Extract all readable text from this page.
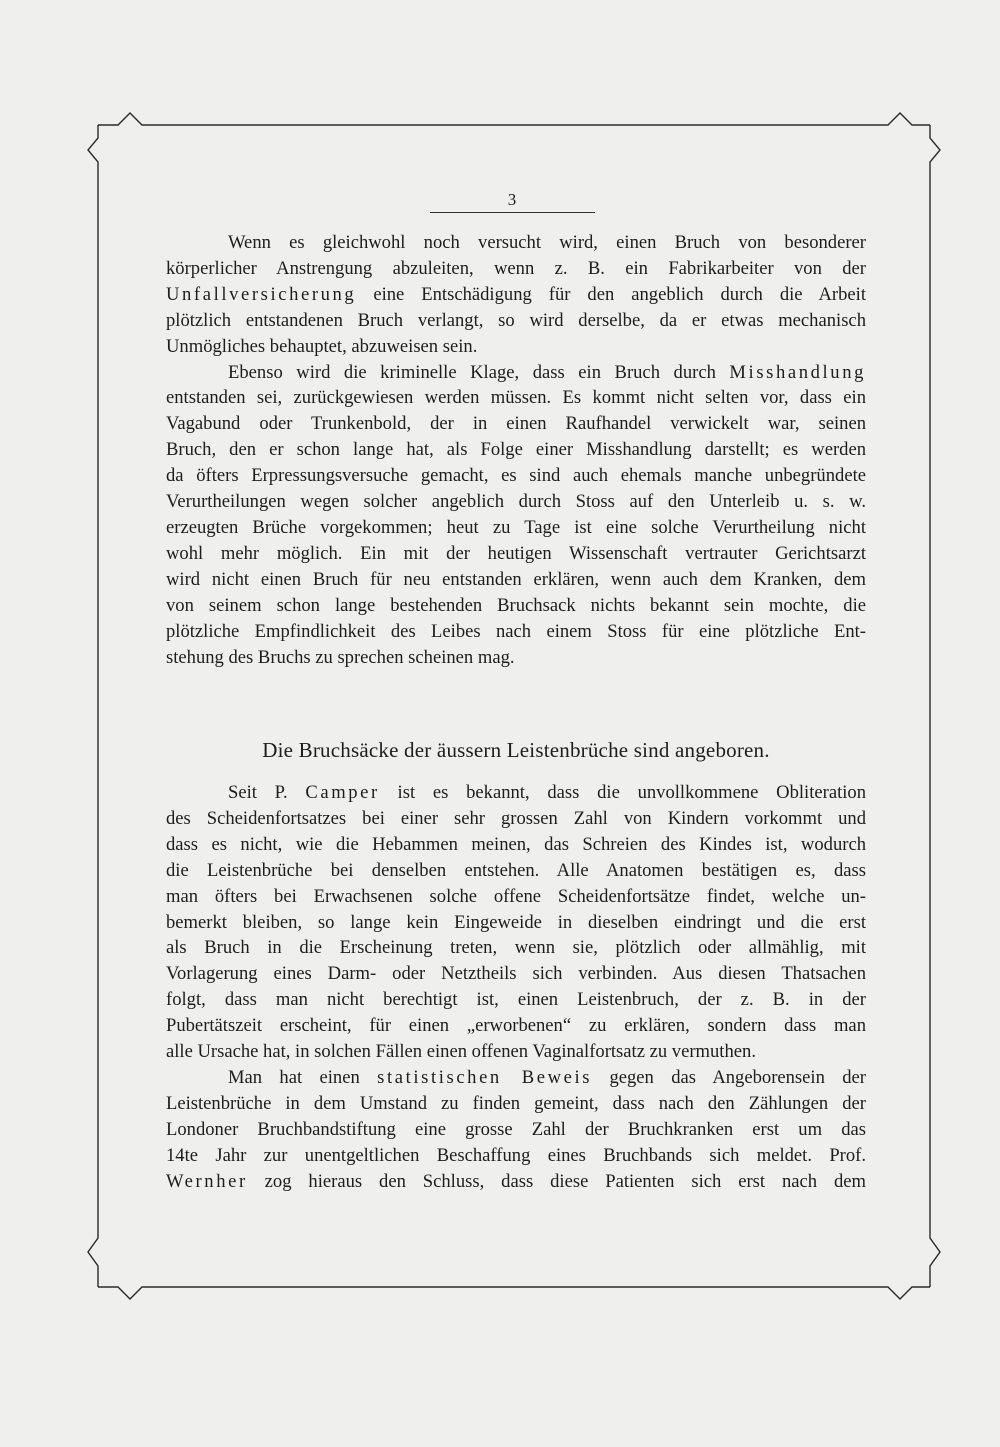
3

Wenn es gleichwohl noch versucht wird, einen Bruch von besonderer
körperlicher Anstrengung abzuleiten, wenn z. B. ein Fabrikarbeiter von der
Unfallversicherung eine Entschädigung für den angeblich durch die Arbeit
plötzlich entstandenen Bruch verlangt, so wird derselbe, da er etwas mechanisch
Unmögliches behauptet, abzuweisen sein.

Ebenso wird die kriminelle Klage, dass ein Bruch durch Misshandlung
entstanden sei, zurückgewiesen werden müssen. Es kommt nicht selten vor, dass ein
Vagabund oder Trunkenbold, der in einen Raufhandel verwickelt war, seinen
Bruch, den er schon lange hat, als Folge einer Misshandlung darstellt; es werden
da öfters Erpressungsversuche gemacht, es sind auch ehemals manche unbegründete
Verurtheilungen wegen solcher angeblich durch Stoss auf den Unterleib u. s. w.
erzeugten Brüche vorgekommen; heut zu Tage ist eine solche Verurtheilung nicht
wohl mehr möglich. Ein mit der heutigen Wissenschaft vertrauter Gerichtsarzt
wird nicht einen Bruch für neu entstanden erklären, wenn auch dem Kranken, dem
von seinem schon lange bestehenden Bruchsack nichts bekannt sein mochte, die
plötzliche Empfindlichkeit des Leibes nach einem Stoss für eine plötzliche Ent-
stehung des Bruchs zu sprechen scheinen mag.

Die Bruchsäcke der äussern Leistenbrüche sind angeboren.

Seit P. Camper ist es bekannt, dass die unvollkommene Obliteration
des Scheidenfortsatzes bei einer sehr grossen Zahl von Kindern vorkommt und
dass es nicht, wie die Hebammen meinen, das Schreien des Kindes ist, wodurch
die Leistenbrüche bei denselben entstehen. Alle Anatomen bestätigen es, dass
man öfters bei Erwachsenen solche offene Scheidenfortsätze findet, welche un-
bemerkt bleiben, so lange kein Eingeweide in dieselben eindringt und die erst
als Bruch in die Erscheinung treten, wenn sie, plötzlich oder allmählig, mit
Vorlagerung eines Darm- oder Netztheils sich verbinden. Aus diesen Thatsachen
folgt, dass man nicht berechtigt ist, einen Leistenbruch, der z. B. in der
Pubertätszeit erscheint, für einen „erworbenen“ zu erklären, sondern dass man
alle Ursache hat, in solchen Fällen einen offenen Vaginalfortsatz zu vermuthen.

Man hat einen statistischen Beweis gegen das Angeborensein der
Leistenbrüche in dem Umstand zu finden gemeint, dass nach den Zählungen der
Londoner Bruchbandstiftung eine grosse Zahl der Bruchkranken erst um das
14te Jahr zur unentgeltlichen Beschaffung eines Bruchbands sich meldet. Prof.
Wernher zog hieraus den Schluss, dass diese Patienten sich erst nach dem
